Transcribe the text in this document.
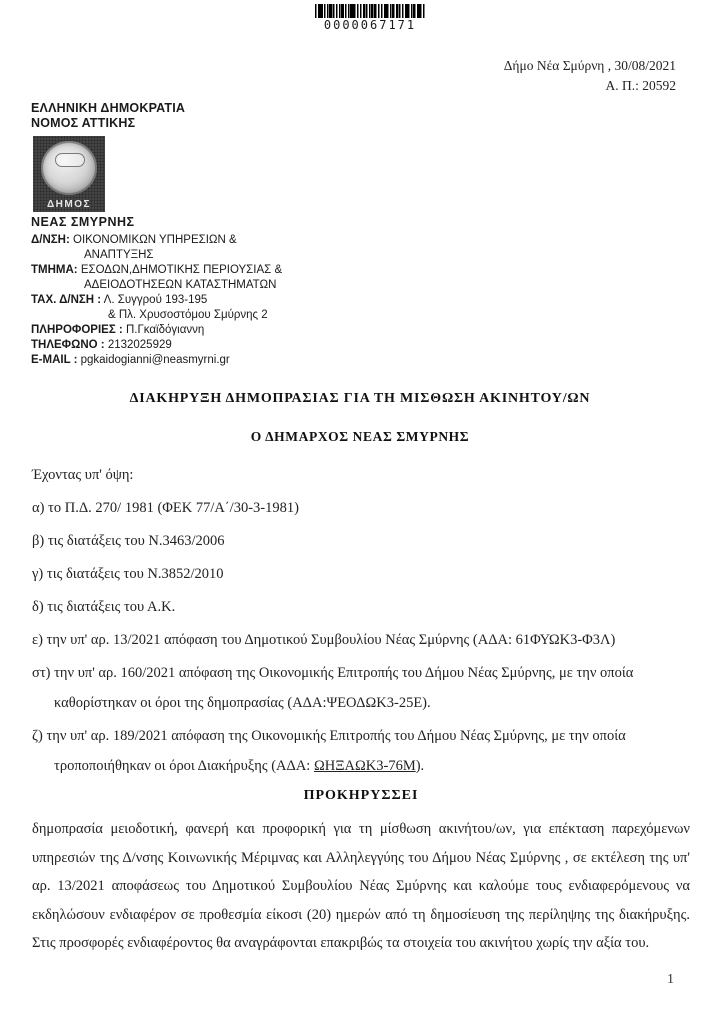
0000067171
Δήμο Νέα Σμύρνη , 30/08/2021
Α. Π.: 20592
ΕΛΛΗΝΙΚΗ ΔΗΜΟΚΡΑΤΙΑ
ΝΟΜΟΣ ΑΤΤΙΚΗΣ
ΔΗΜΟΣ
ΝΕΑΣ ΣΜΥΡΝΗΣ
Δ/ΝΣΗ: ΟΙΚΟΝΟΜΙΚΩΝ ΥΠΗΡΕΣΙΩΝ &
ΑΝΑΠΤΥΞΗΣ
ΤΜΗΜΑ: ΕΣΟΔΩΝ,ΔΗΜΟΤΙΚΗΣ ΠΕΡΙΟΥΣΙΑΣ &
ΑΔΕΙΟΔΟΤΗΣΕΩΝ ΚΑΤΑΣΤΗΜΑΤΩΝ
ΤΑΧ. Δ/ΝΣΗ : Λ. Συγγρού 193-195
& Πλ. Χρυσοστόμου Σμύρνης 2
ΠΛΗΡΟΦΟΡΙΕΣ : Π.Γκαϊδόγιαννη
ΤΗΛΕΦΩΝΟ : 2132025929
E-MAIL : pgkaidogianni@neasmyrni.gr
ΔΙΑΚΗΡΥΞΗ ΔΗΜΟΠΡΑΣΙΑΣ ΓΙΑ ΤΗ ΜΙΣΘΩΣΗ ΑΚΙΝΗΤΟΥ/ΩΝ
Ο ΔΗΜΑΡΧΟΣ ΝΕΑΣ ΣΜΥΡΝΗΣ
Έχοντας υπ' όψη:
α) το Π.Δ. 270/ 1981 (ΦΕΚ 77/Α΄/30-3-1981)
β) τις διατάξεις του Ν.3463/2006
γ) τις διατάξεις του Ν.3852/2010
δ) τις διατάξεις του Α.Κ.
ε) την υπ' αρ. 13/2021 απόφαση του Δημοτικού Συμβουλίου Νέας Σμύρνης (ΑΔΑ: 61ΦΥΩΚ3-Φ3Λ)
στ) την υπ' αρ. 160/2021 απόφαση της Οικονομικής Επιτροπής του Δήμου Νέας Σμύρνης, με την οποία καθορίστηκαν οι όροι της δημοπρασίας (ΑΔΑ:ΨΕΟΔΩΚ3-25Ε).
ζ) την υπ' αρ. 189/2021 απόφαση της Οικονομικής Επιτροπής του Δήμου Νέας Σμύρνης, με την οποία τροποποιήθηκαν οι όροι Διακήρυξης (ΑΔΑ: ΩΗΞΑΩΚ3-76Μ).
ΠΡΟΚΗΡΥΣΣΕΙ
δημοπρασία μειοδοτική, φανερή και προφορική για τη μίσθωση ακινήτου/ων, για επέκταση παρεχόμενων υπηρεσιών της Δ/νσης Κοινωνικής Μέριμνας και Αλληλεγγύης του Δήμου Νέας Σμύρνης , σε εκτέλεση της υπ' αρ. 13/2021 αποφάσεως του Δημοτικού Συμβουλίου Νέας Σμύρνης και καλούμε τους ενδιαφερόμενους να εκδηλώσουν ενδιαφέρον σε προθεσμία είκοσι (20) ημερών από τη δημοσίευση της περίληψης της διακήρυξης. Στις προσφορές ενδιαφέροντος θα αναγράφονται επακριβώς τα στοιχεία του ακινήτου χωρίς την αξία του.
1
